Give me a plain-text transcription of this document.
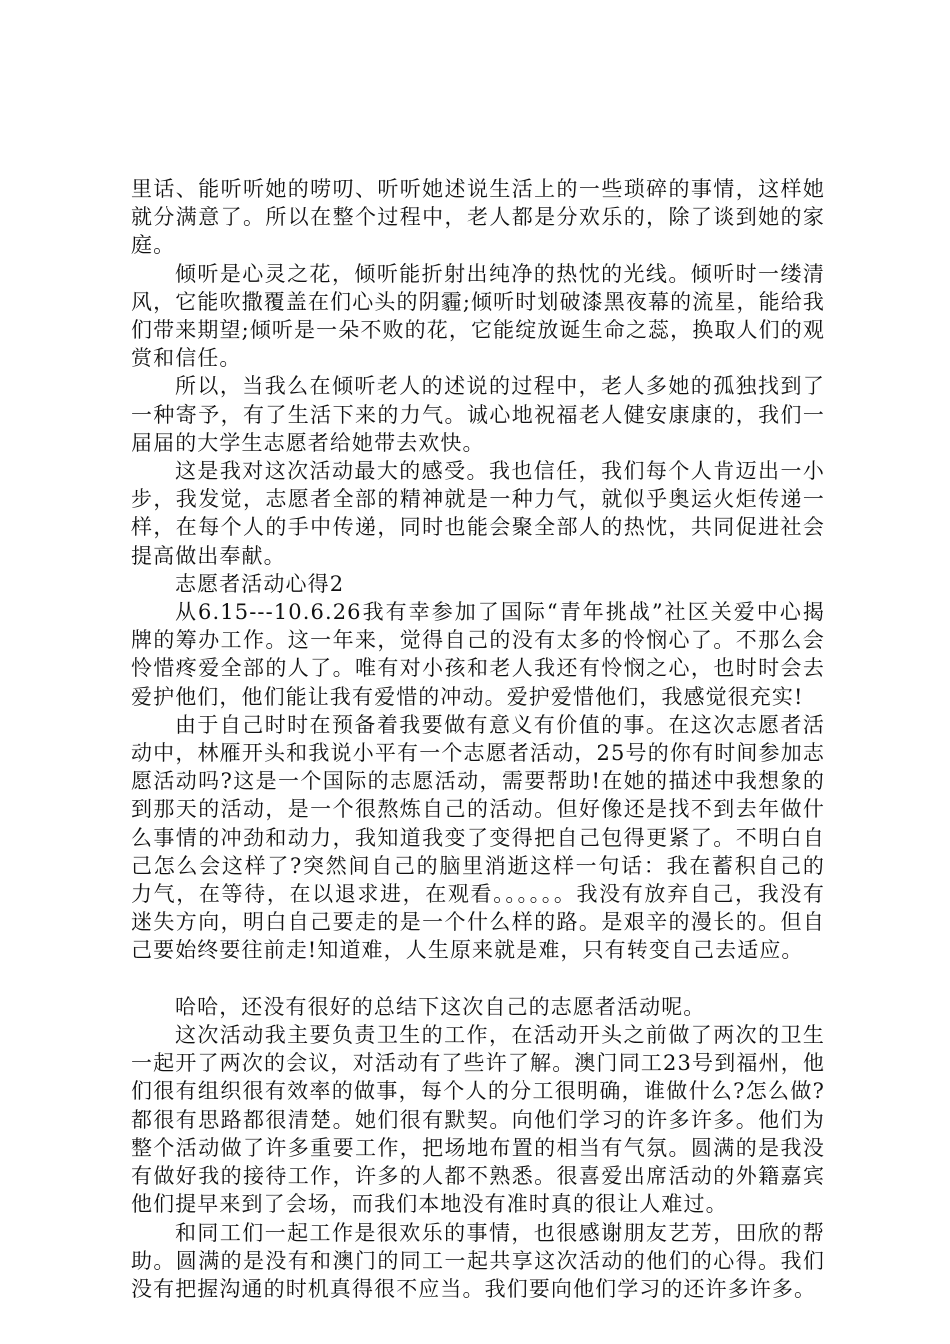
里话、能听听她的唠叨、听听她述说生活上的一些琐碎的事情，这样她就分满意了。所以在整个过程中，老人都是分欢乐的，除了谈到她的家庭。

倾听是心灵之花，倾听能折射出纯净的热忱的光线。倾听时一缕清风，它能吹撒覆盖在们心头的阴霾;倾听时划破漆黑夜幕的流星，能给我们带来期望;倾听是一朵不败的花，它能绽放诞生命之蕊，换取人们的观赏和信任。

所以，当我么在倾听老人的述说的过程中，老人多她的孤独找到了一种寄予，有了生活下来的力气。诚心地祝福老人健安康康的，我们一届届的大学生志愿者给她带去欢快。

这是我对这次活动最大的感受。我也信任，我们每个人肯迈出一小步，我发觉，志愿者全部的精神就是一种力气，就似乎奥运火炬传递一样，在每个人的手中传递，同时也能会聚全部人的热忱，共同促进社会提高做出奉献。

志愿者活动心得2

从6.15---10.6.26我有幸参加了国际“青年挑战”社区关爱中心揭牌的筹办工作。这一年来，觉得自己的没有太多的怜悯心了。不那么会怜惜疼爱全部的人了。唯有对小孩和老人我还有怜悯之心，也时时会去爱护他们，他们能让我有爱惜的冲动。爱护爱惜他们，我感觉很充实!

由于自己时时在预备着我要做有意义有价值的事。在这次志愿者活动中，林雁开头和我说小平有一个志愿者活动，25号的你有时间参加志愿活动吗?这是一个国际的志愿活动，需要帮助!在她的描述中我想象的到那天的活动，是一个很熬炼自己的活动。但好像还是找不到去年做什么事情的冲劲和动力，我知道我变了变得把自己包得更紧了。不明白自己怎么会这样了?突然间自己的脑里消逝这样一句话：我在蓄积自己的力气，在等待，在以退求进，在观看。。。。。。我没有放弃自己，我没有迷失方向，明白自己要走的是一个什么样的路。是艰辛的漫长的。但自己要始终要往前走!知道难，人生原来就是难，只有转变自己去适应。

哈哈，还没有很好的总结下这次自己的志愿者活动呢。

这次活动我主要负责卫生的工作，在活动开头之前做了两次的卫生一起开了两次的会议，对活动有了些许了解。澳门同工23号到福州，他们很有组织很有效率的做事，每个人的分工很明确，谁做什么?怎么做?都很有思路都很清楚。她们很有默契。向他们学习的许多许多。他们为整个活动做了许多重要工作，把场地布置的相当有气氛。圆满的是我没有做好我的接待工作，许多的人都不熟悉。很喜爱出席活动的外籍嘉宾他们提早来到了会场，而我们本地没有准时真的很让人难过。

和同工们一起工作是很欢乐的事情，也很感谢朋友艺芳，田欣的帮助。圆满的是没有和澳门的同工一起共享这次活动的他们的心得。我们没有把握沟通的时机真得很不应当。我们要向他们学习的还许多许多。
